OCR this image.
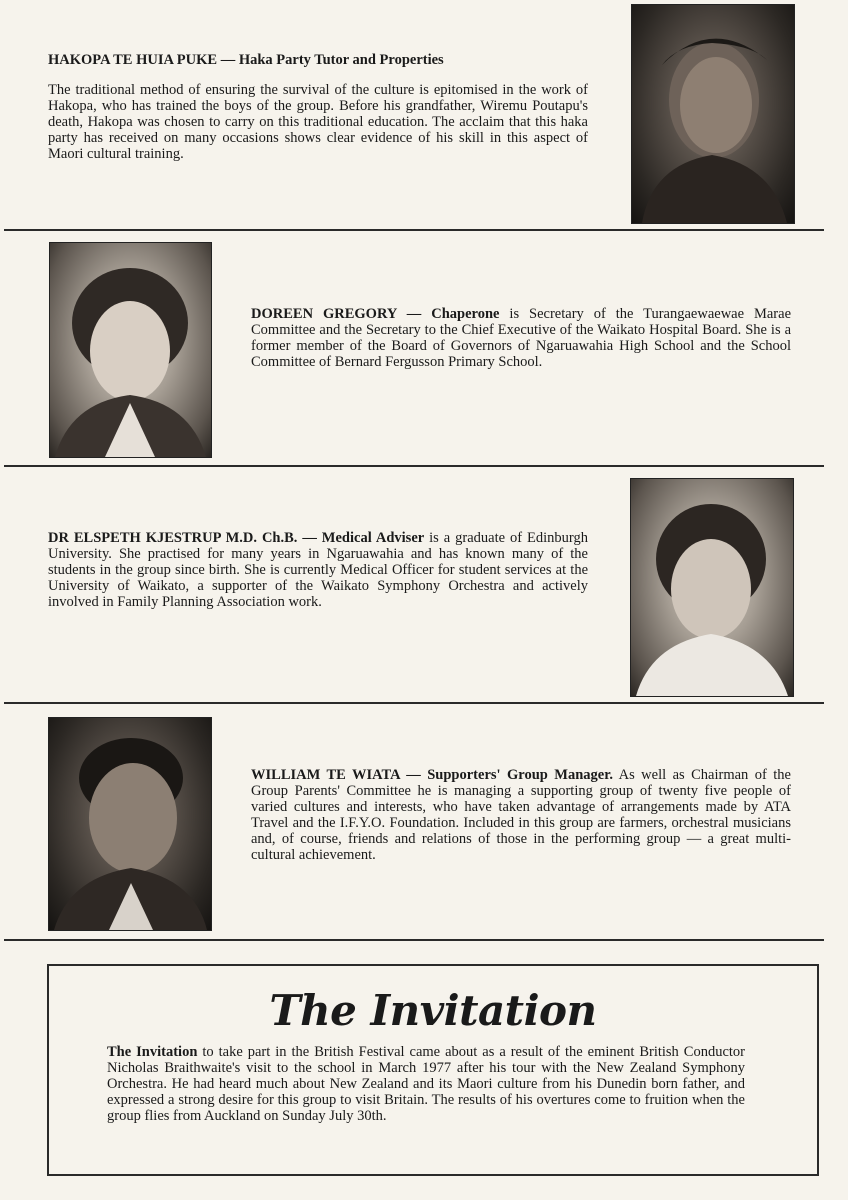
HAKOPA TE HUIA PUKE — Haka Party Tutor and Properties
The traditional method of ensuring the survival of the culture is epitomised in the work of Hakopa, who has trained the boys of the group. Before his grandfather, Wiremu Poutapu's death, Hakopa was chosen to carry on this traditional education. The acclaim that this haka party has received on many occasions shows clear evidence of his skill in this aspect of Maori cultural training.
DOREEN GREGORY — Chaperone is Secretary of the Turangaewaewae Marae Committee and the Secretary to the Chief Executive of the Waikato Hospital Board. She is a former member of the Board of Governors of Ngaruawahia High School and the School Committee of Bernard Fergusson Primary School.
DR ELSPETH KJESTRUP M.D. Ch.B. — Medical Adviser is a graduate of Edinburgh University. She practised for many years in Ngaruawahia and has known many of the students in the group since birth. She is currently Medical Officer for student services at the University of Waikato, a supporter of the Waikato Symphony Orchestra and actively involved in Family Planning Association work.
WILLIAM TE WIATA — Supporters' Group Manager. As well as Chairman of the Group Parents' Committee he is managing a supporting group of twenty five people of varied cultures and interests, who have taken advantage of arrangements made by ATA Travel and the I.F.Y.O. Foundation. Included in this group are farmers, orchestral musicians and, of course, friends and relations of those in the performing group — a great multi-cultural achievement.
The Invitation
The Invitation to take part in the British Festival came about as a result of the eminent British Conductor Nicholas Braithwaite's visit to the school in March 1977 after his tour with the New Zealand Symphony Orchestra. He had heard much about New Zealand and its Maori culture from his Dunedin born father, and expressed a strong desire for this group to visit Britain. The results of his overtures come to fruition when the group flies from Auckland on Sunday July 30th.
